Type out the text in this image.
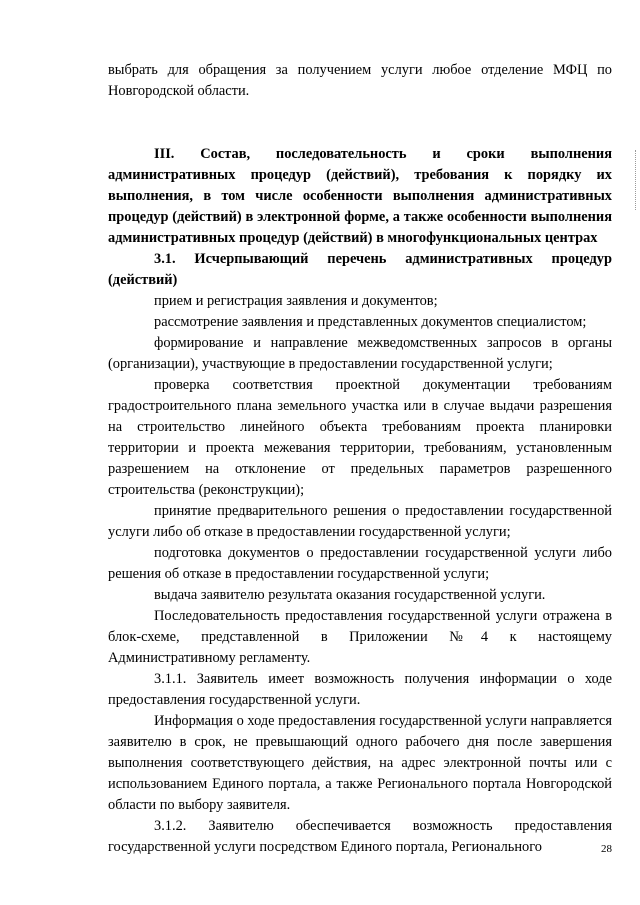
выбрать для обращения за получением услуги любое отделение МФЦ по Новгородской области.

III. Состав, последовательность и сроки выполнения административных процедур (действий), требования к порядку их выполнения, в том числе особенности выполнения административных процедур (действий) в электронной форме, а также особенности выполнения административных процедур (действий) в многофункциональных центрах

3.1. Исчерпывающий перечень административных процедур (действий)

прием и регистрация заявления и документов;

рассмотрение заявления и представленных документов специалистом;

формирование и направление межведомственных запросов в органы (организации), участвующие в предоставлении государственной услуги;

проверка соответствия проектной документации требованиям градостроительного плана земельного участка или в случае выдачи разрешения на строительство линейного объекта требованиям проекта планировки территории и проекта межевания территории, требованиям, установленным разрешением на отклонение от предельных параметров разрешенного строительства (реконструкции);

принятие предварительного решения о предоставлении государственной услуги либо об отказе в предоставлении государственной услуги;

подготовка документов о предоставлении государственной услуги либо решения об отказе в предоставлении государственной услуги;

выдача заявителю результата оказания государственной услуги.

Последовательность предоставления государственной услуги отражена в блок-схеме, представленной в Приложении №4 к настоящему Административному регламенту.

3.1.1. Заявитель имеет возможность получения информации о ходе предоставления государственной услуги.

Информация о ходе предоставления государственной услуги направляется заявителю в срок, не превышающий одного рабочего дня после завершения выполнения соответствующего действия, на адрес электронной почты или с использованием Единого портала, а также Регионального портала Новгородской области по выбору заявителя.

3.1.2. Заявителю обеспечивается возможность предоставления государственной услуги посредством Единого портала, Регионального	28
